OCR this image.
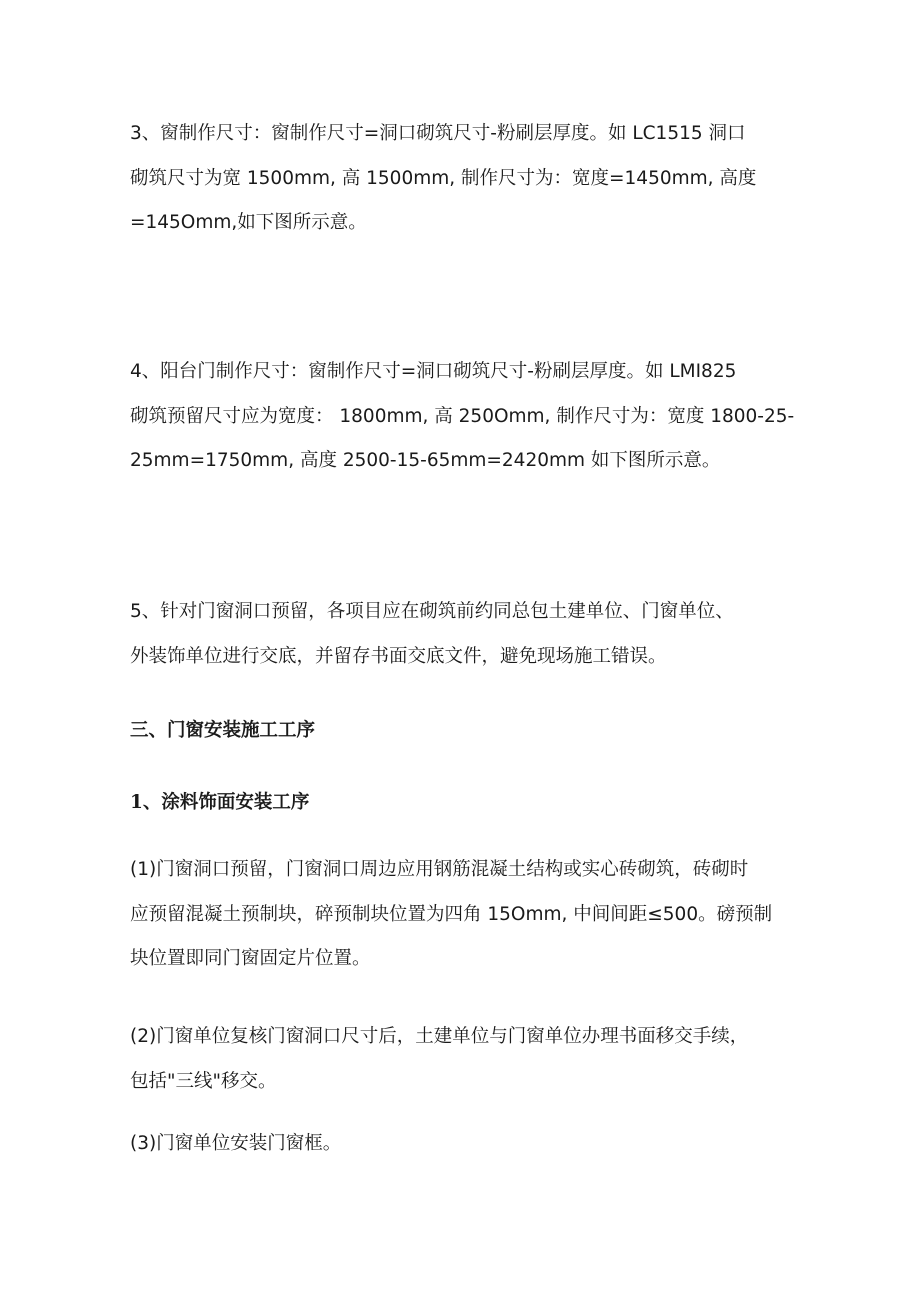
3、窗制作尺寸：窗制作尺寸=洞口砌筑尺寸-粉刷层厚度。如 LC1515 洞口
砌筑尺寸为宽 1500mm, 高 1500mm, 制作尺寸为：宽度=1450mm, 高度
=145Omm,如下图所示意。
4、阳台门制作尺寸：窗制作尺寸=洞口砌筑尺寸-粉刷层厚度。如 LMI825
砌筑预留尺寸应为宽度： 1800mm, 高 250Omm, 制作尺寸为：宽度 1800-25-
25mm=1750mm, 高度 2500-15-65mm=2420mm 如下图所示意。
5、针对门窗洞口预留，各项目应在砌筑前约同总包土建单位、门窗单位、
外装饰单位进行交底，并留存书面交底文件，避免现场施工错误。
三、门窗安装施工工序
1、涂料饰面安装工序
(1)门窗洞口预留，门窗洞口周边应用钢筋混凝土结构或实心砖砌筑，砖砌时
应预留混凝土预制块，碎预制块位置为四角 15Omm, 中间间距≤500。磅预制
块位置即同门窗固定片位置。
(2)门窗单位复核门窗洞口尺寸后，土建单位与门窗单位办理书面移交手续，
包括"三线"移交。
(3)门窗单位安装门窗框。
